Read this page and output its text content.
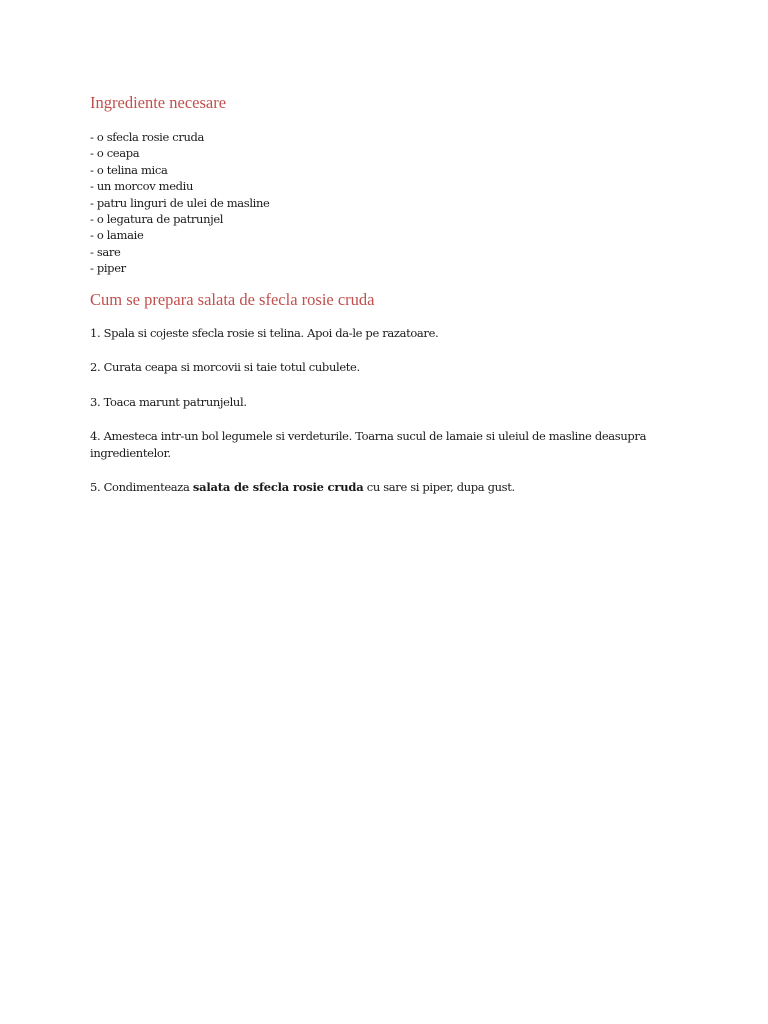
Ingrediente necesare
- o sfecla rosie cruda
- o ceapa
- o telina mica
- un morcov mediu
- patru linguri de ulei de masline
- o legatura de patrunjel
- o lamaie
- sare
- piper
Cum se prepara salata de sfecla rosie cruda

1. Spala si cojeste sfecla rosie si telina. Apoi da-le pe razatoare.

2. Curata ceapa si morcovii si taie totul cubulete.

3. Toaca marunt patrunjelul.

4. Amesteca intr-un bol legumele si verdeturile. Toarna sucul de lamaie si uleiul de masline deasupra ingredientelor.

5. Condimenteaza salata de sfecla rosie cruda cu sare si piper, dupa gust.
